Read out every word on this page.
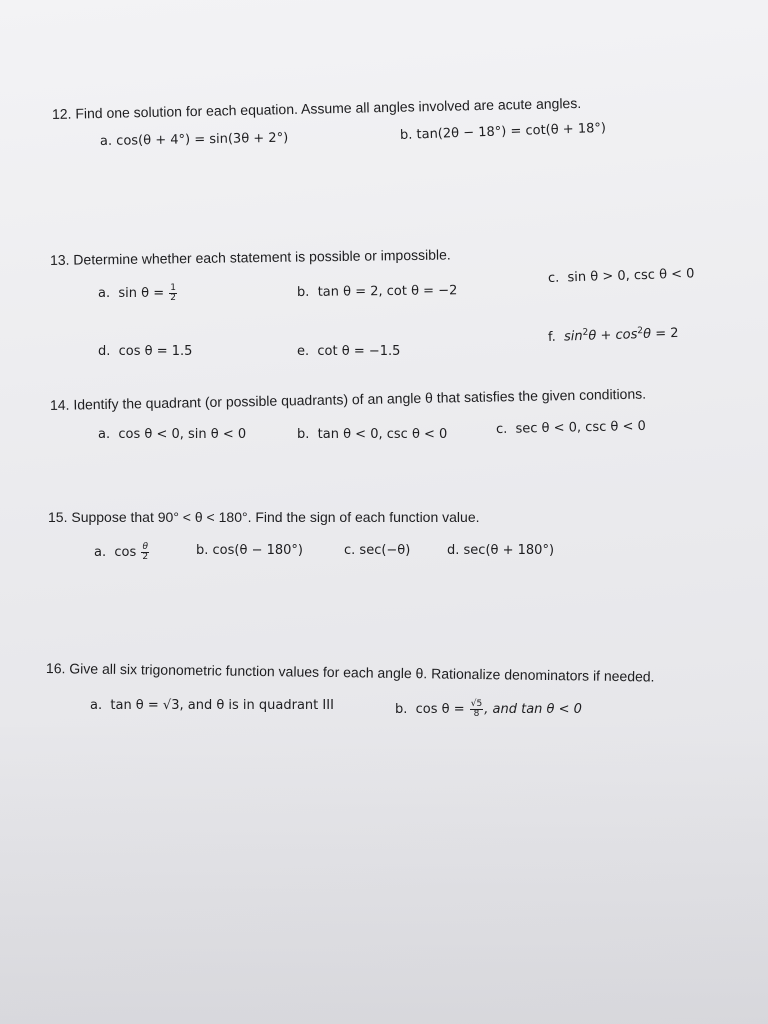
12. Find one solution for each equation. Assume all angles involved are acute angles.
a. cos(θ + 4°) = sin(3θ + 2°)	b. tan(2θ − 18°) = cot(θ + 18°)
13. Determine whether each statement is possible or impossible.
a. $\sin \theta = \frac{1}{2}$	b. tan θ = 2, cot θ = −2
c. sin θ > 0, csc θ < 0
d. cos θ = 1.5	e. cot θ = −1.5
f. $\sin^2\theta + \cos^2\theta = 2$
14. Identify the quadrant (or possible quadrants) of an angle θ that satisfies the given conditions.
a. cos θ < 0, sin θ < 0	b. tan θ < 0, csc θ < 0	c. sec θ < 0, csc θ < 0
15. Suppose that 90° < θ < 180°. Find the sign of each function value.
a. $\cos \frac{\theta}{2}$	b. cos(θ − 180°)	c. sec(−θ)	d. sec(θ + 180°)
16. Give all six trigonometric function values for each angle θ. Rationalize denominators if needed.
a. tan θ = √3, and θ is in quadrant III	b. $\cos \theta = \frac{√5}{8}$ , and tan θ < 0
